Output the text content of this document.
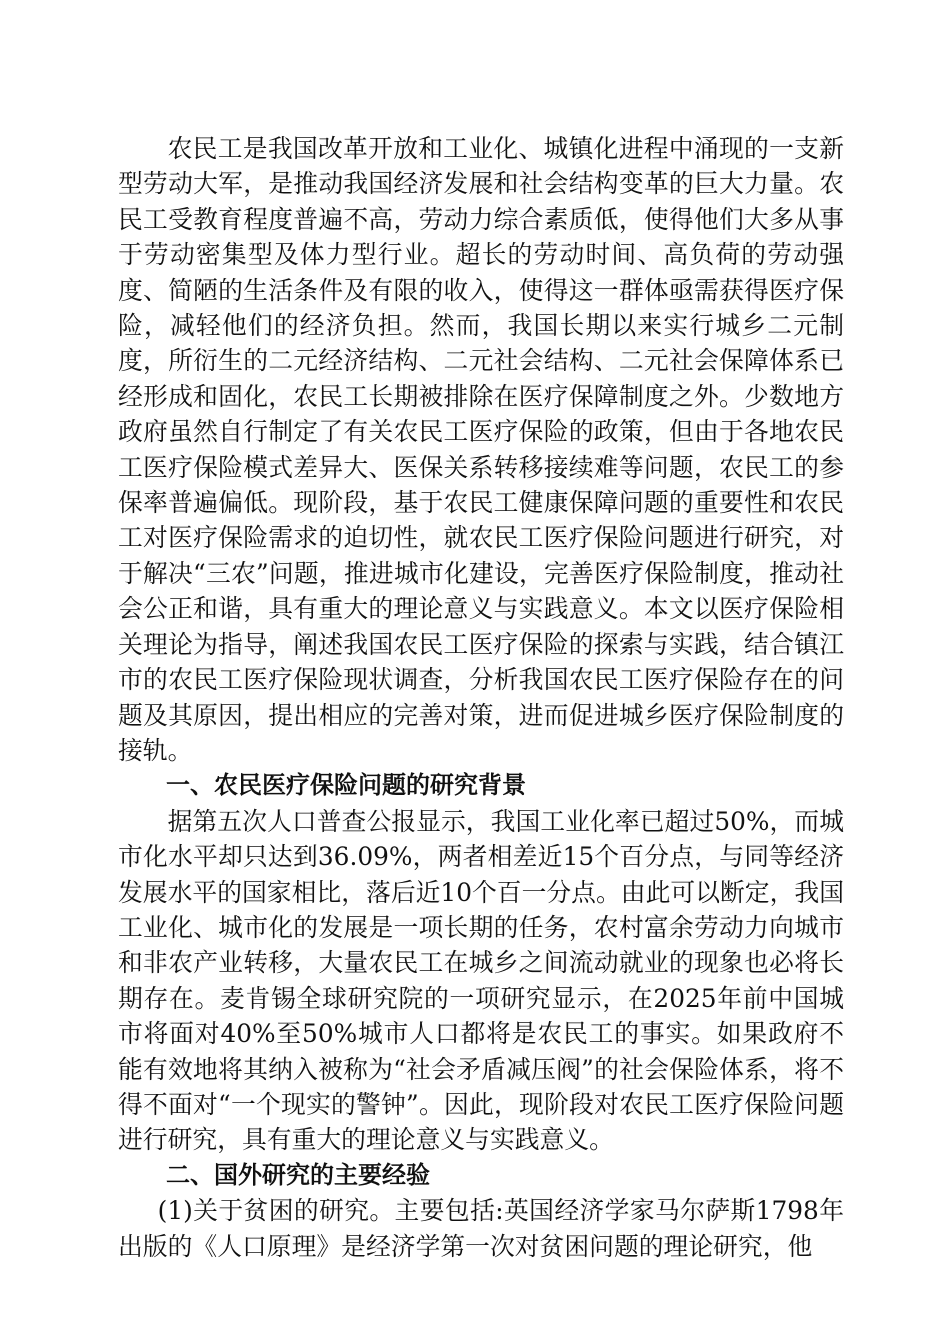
农民工是我国改革开放和工业化、城镇化进程中涌现的一支新型劳动大军，是推动我国经济发展和社会结构变革的巨大力量。农民工受教育程度普遍不高，劳动力综合素质低，使得他们大多从事于劳动密集型及体力型行业。超长的劳动时间、高负荷的劳动强度、简陋的生活条件及有限的收入，使得这一群体亟需获得医疗保险，减轻他们的经济负担。然而，我国长期以来实行城乡二元制度，所衍生的二元经济结构、二元社会结构、二元社会保障体系已经形成和固化，农民工长期被排除在医疗保障制度之外。少数地方政府虽然自行制定了有关农民工医疗保险的政策，但由于各地农民工医疗保险模式差异大、医保关系转移接续难等问题，农民工的参保率普遍偏低。现阶段，基于农民工健康保障问题的重要性和农民工对医疗保险需求的迫切性，就农民工医疗保险问题进行研究，对于解决“三农”问题，推进城市化建设，完善医疗保险制度，推动社会公正和谐，具有重大的理论意义与实践意义。本文以医疗保险相关理论为指导，阐述我国农民工医疗保险的探索与实践，结合镇江市的农民工医疗保险现状调查，分析我国农民工医疗保险存在的问题及其原因，提出相应的完善对策，进而促进城乡医疗保险制度的接轨。

一、农民医疗保险问题的研究背景

据第五次人口普查公报显示，我国工业化率已超过50%，而城市化水平却只达到36.09%，两者相差近15个百分点，与同等经济发展水平的国家相比，落后近10个百一分点。由此可以断定，我国工业化、城市化的发展是一项长期的任务，农村富余劳动力向城市和非农产业转移，大量农民工在城乡之间流动就业的现象也必将长期存在。麦肯锡全球研究院的一项研究显示，在2025年前中国城市将面对40%至50%城市人口都将是农民工的事实。如果政府不能有效地将其纳入被称为“社会矛盾减压阀”的社会保险体系，将不得不面对“一个现实的警钟”。因此，现阶段对农民工医疗保险问题进行研究，具有重大的理论意义与实践意义。

二、国外研究的主要经验

(1)关于贫困的研究。主要包括:英国经济学家马尔萨斯1798年出版的《人口原理》是经济学第一次对贫困问题的理论研究，他
